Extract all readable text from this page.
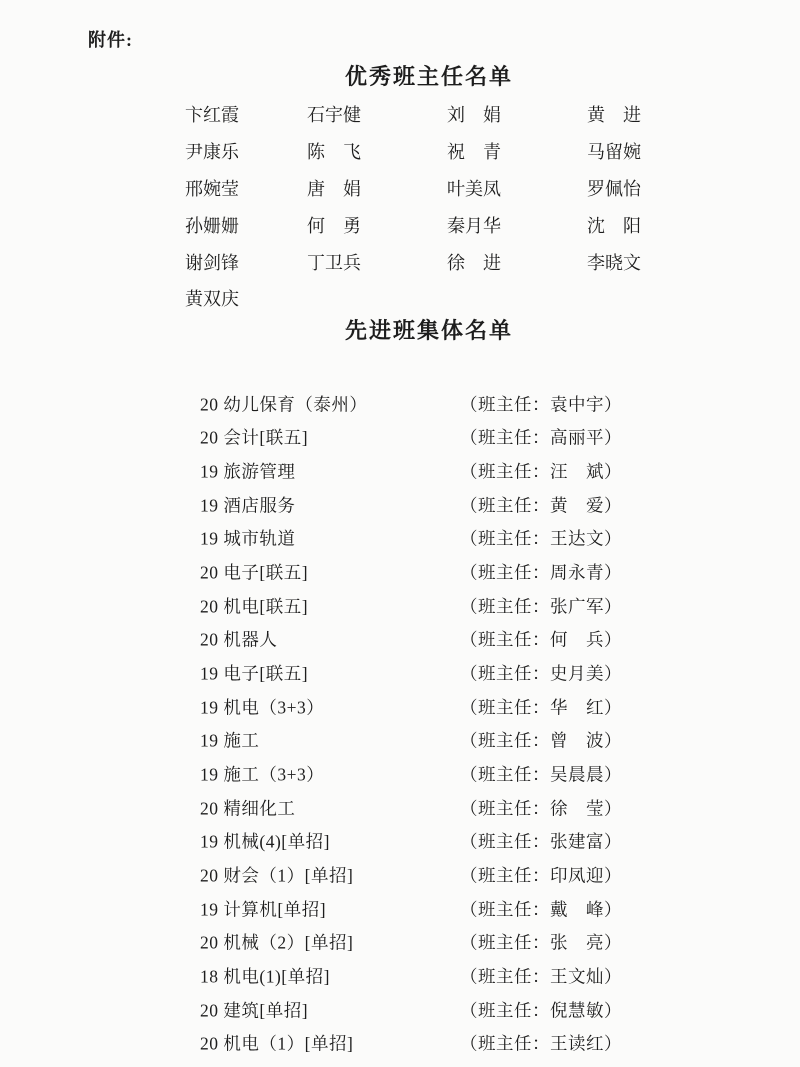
附件:
优秀班主任名单
卞红霞	石宇健	刘　娟	黄　进
尹康乐	陈　飞	祝　青	马留婉
邢婉莹	唐　娟	叶美凤	罗佩怡
孙姗姗	何　勇	秦月华	沈　阳
谢剑锋	丁卫兵	徐　进	李晓文
黄双庆
先进班集体名单
20 幼儿保育（泰州）	（班主任：袁中宇）
20 会计[联五]	（班主任：高丽平）
19 旅游管理	（班主任：汪　斌）
19 酒店服务	（班主任：黄　爱）
19 城市轨道	（班主任：王达文）
20 电子[联五]	（班主任：周永青）
20 机电[联五]	（班主任：张广军）
20 机器人	（班主任：何　兵）
19 电子[联五]	（班主任：史月美）
19 机电（3+3）	（班主任：华　红）
19 施工	（班主任：曾　波）
19 施工（3+3）	（班主任：吴晨晨）
20 精细化工	（班主任：徐　莹）
19 机械(4)[单招]	（班主任：张建富）
20 财会（1）[单招]	（班主任：印凤迎）
19 计算机[单招]	（班主任：戴　峰）
20 机械（2）[单招]	（班主任：张　亮）
18 机电(1)[单招]	（班主任：王文灿）
20 建筑[单招]	（班主任：倪慧敏）
20 机电（1）[单招]	（班主任：王读红）
